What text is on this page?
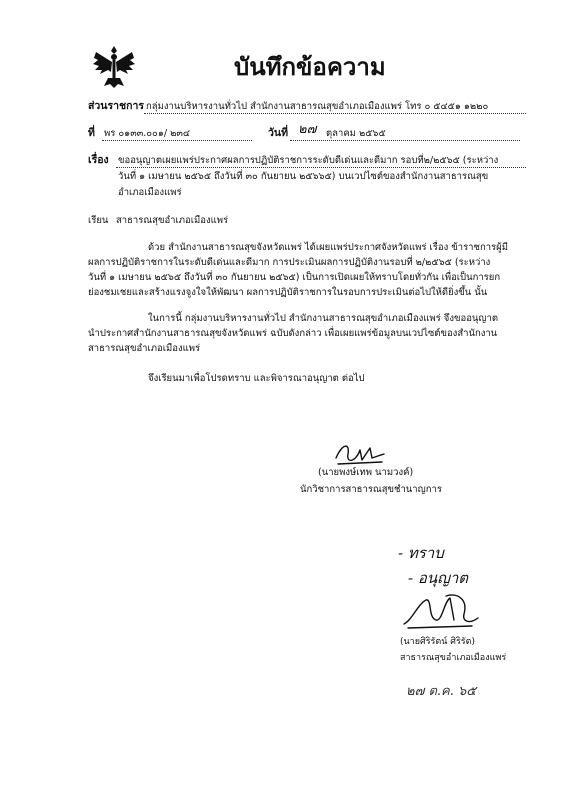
บันทึกข้อความ
ส่วนราชการ กลุ่มงานบริหารงานทั่วไป สำนักงานสาธารณสุขอำเภอเมืองแพร่ โทร ๐ ๕๔๕๑ ๑๒๒๐
ที่ พร ๐๑๓๓.๐๐๑/ ๒๓๔	วันที่ ๒๗ ตุลาคม ๒๕๖๕
เรื่อง ขออนุญาตเผยแพร่ประกาศผลการปฏิบัติราชการระดับดีเด่นและดีมาก รอบที่๒/๒๕๖๕ (ระหว่าง
วันที่ ๑ เมษายน ๒๕๖๕ ถึงวันที่ ๓๐ กันยายน ๒๕๖๖๕) บนเวปไซต์ของสำนักงานสาธารณสุข
อำเภอเมืองแพร่
เรียน สาธารณสุขอำเภอเมืองแพร่
ด้วย สำนักงานสาธารณสุขจังหวัดแพร่ ได้เผยแพร่ประกาศจังหวัดแพร่ เรื่อง ข้าราชการผู้มี
ผลการปฏิบัติราชการในระดับดีเด่นและดีมาก การประเมินผลการปฏิบัติงานรอบที่ ๒/๒๕๖๕ (ระหว่าง
วันที่ ๑ เมษายน ๒๕๖๕ ถึงวันที่ ๓๐ กันยายน ๒๕๖๕) เป็นการเปิดเผยให้ทราบโดยทั่วกัน เพื่อเป็นการยก
ย่องชมเชยและสร้างแรงจูงใจให้พัฒนา ผลการปฏิบัติราชการในรอบการประเมินต่อไปให้ดียิ่งขึ้น นั้น
ในการนี้ กลุ่มงานบริหารงานทั่วไป สำนักงานสาธารณสุขอำเภอเมืองแพร่ จึงขออนุญาต
นำประกาศสำนักงานสาธารณสุขจังหวัดแพร่ ฉบับดังกล่าว เพื่อเผยแพร่ข้อมูลบนเวปไซต์ของสำนักงาน
สาธารณสุขอำเภอเมืองแพร่
จึงเรียนมาเพื่อโปรดทราบ และพิจารณาอนุญาต ต่อไป
(นายพงษ์เทพ นามวงค์)
นักวิชาการสาธารณสุขชำนาญการ
- ทราบ
- อนุญาต
(นายศิริรัตน์ ศิริรัต)
สาธารณสุขอำเภอเมืองแพร่
๒๗ ต.ค. ๖๕
